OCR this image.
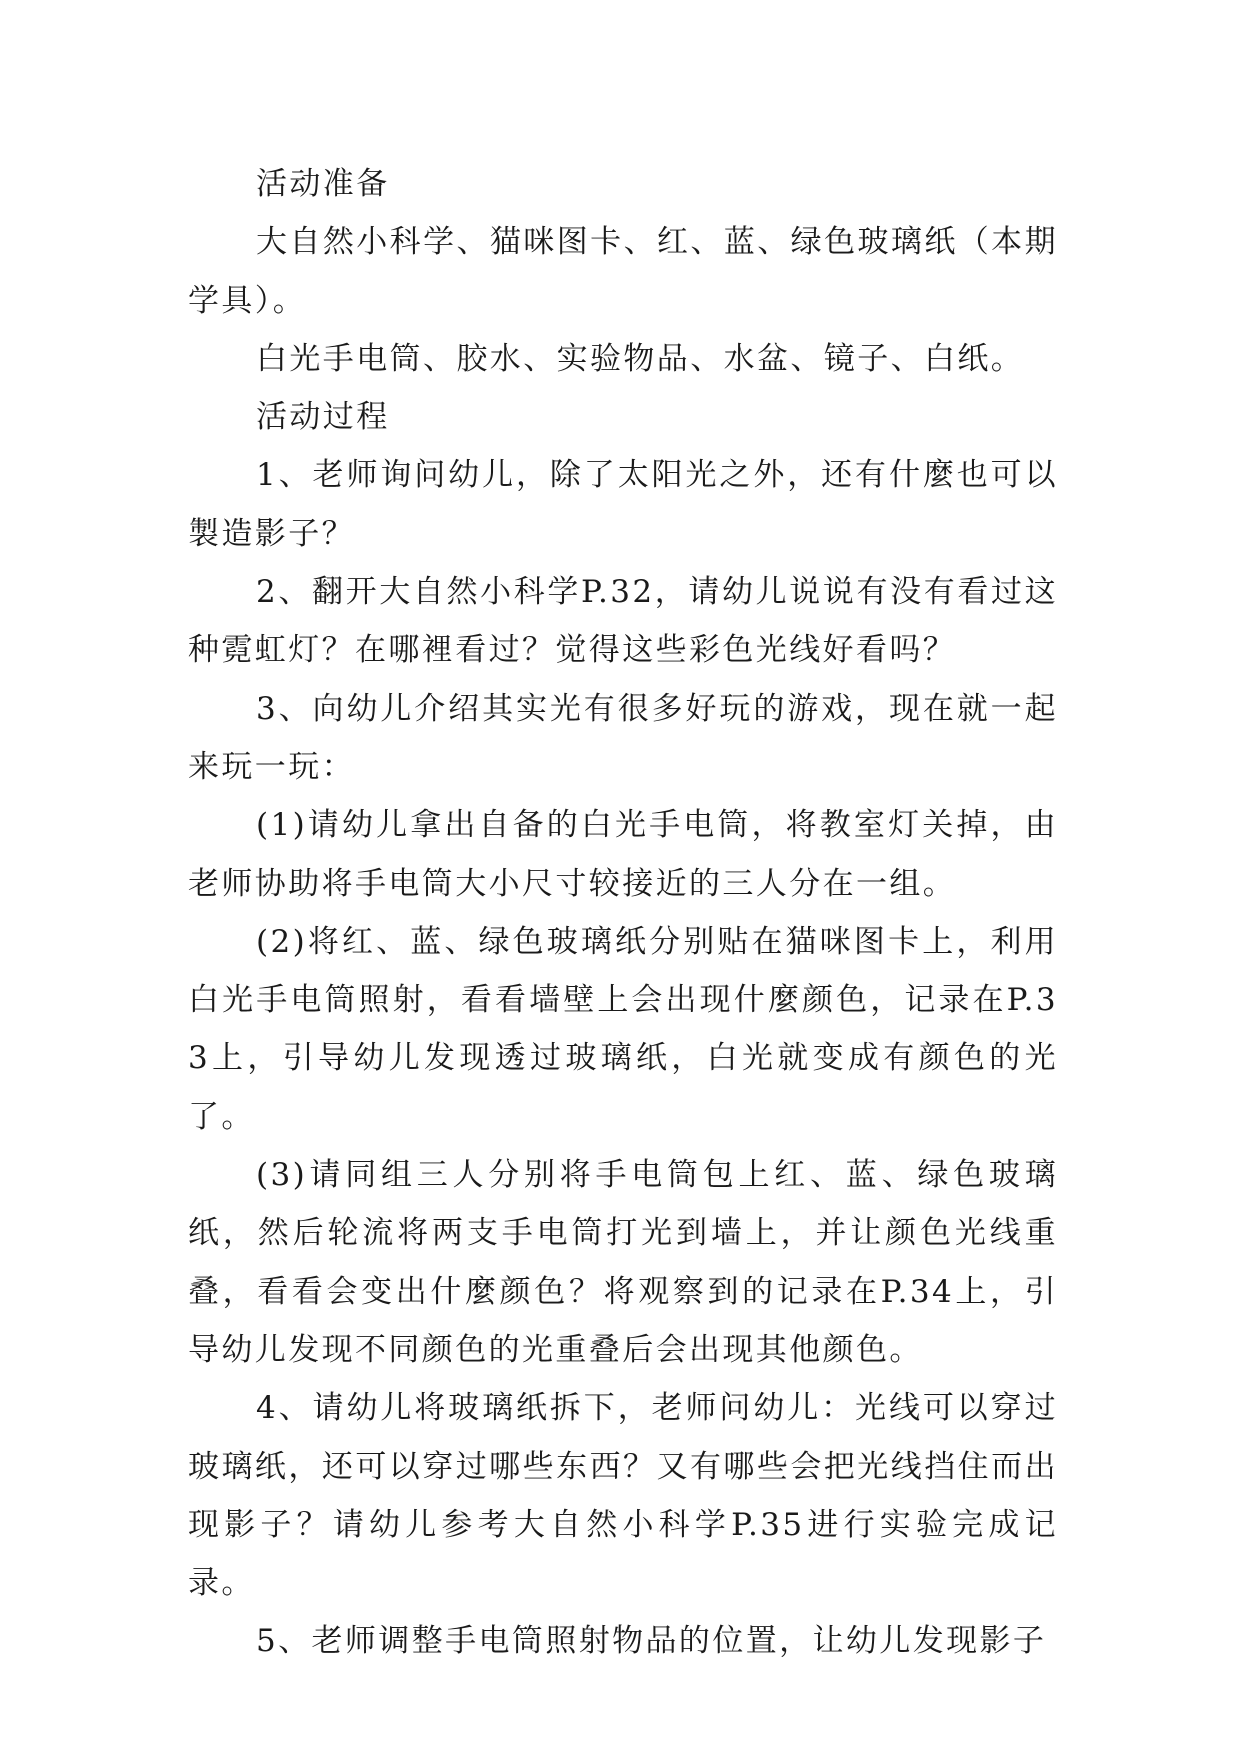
活动准备

大自然小科学、猫咪图卡、红、蓝、绿色玻璃纸（本期学具）。

白光手电筒、胶水、实验物品、水盆、镜子、白纸。

活动过程

1、老师询问幼儿，除了太阳光之外，还有什麼也可以製造影子？

2、翻开大自然小科学P.32，请幼儿说说有没有看过这种霓虹灯？在哪裡看过？觉得这些彩色光线好看吗？

3、向幼儿介绍其实光有很多好玩的游戏，现在就一起来玩一玩：

(1)请幼儿拿出自备的白光手电筒，将教室灯关掉，由老师协助将手电筒大小尺寸较接近的三人分在一组。

(2)将红、蓝、绿色玻璃纸分别贴在猫咪图卡上，利用白光手电筒照射，看看墙壁上会出现什麼颜色，记录在P.33上，引导幼儿发现透过玻璃纸，白光就变成有颜色的光了。

(3)请同组三人分别将手电筒包上红、蓝、绿色玻璃纸，然后轮流将两支手电筒打光到墙上，并让颜色光线重叠，看看会变出什麼颜色？将观察到的记录在P.34上，引导幼儿发现不同颜色的光重叠后会出现其他颜色。

4、请幼儿将玻璃纸拆下，老师问幼儿：光线可以穿过玻璃纸，还可以穿过哪些东西？又有哪些会把光线挡住而出现影子？请幼儿参考大自然小科学P.35进行实验完成记录。

5、老师调整手电筒照射物品的位置，让幼儿发现影子
